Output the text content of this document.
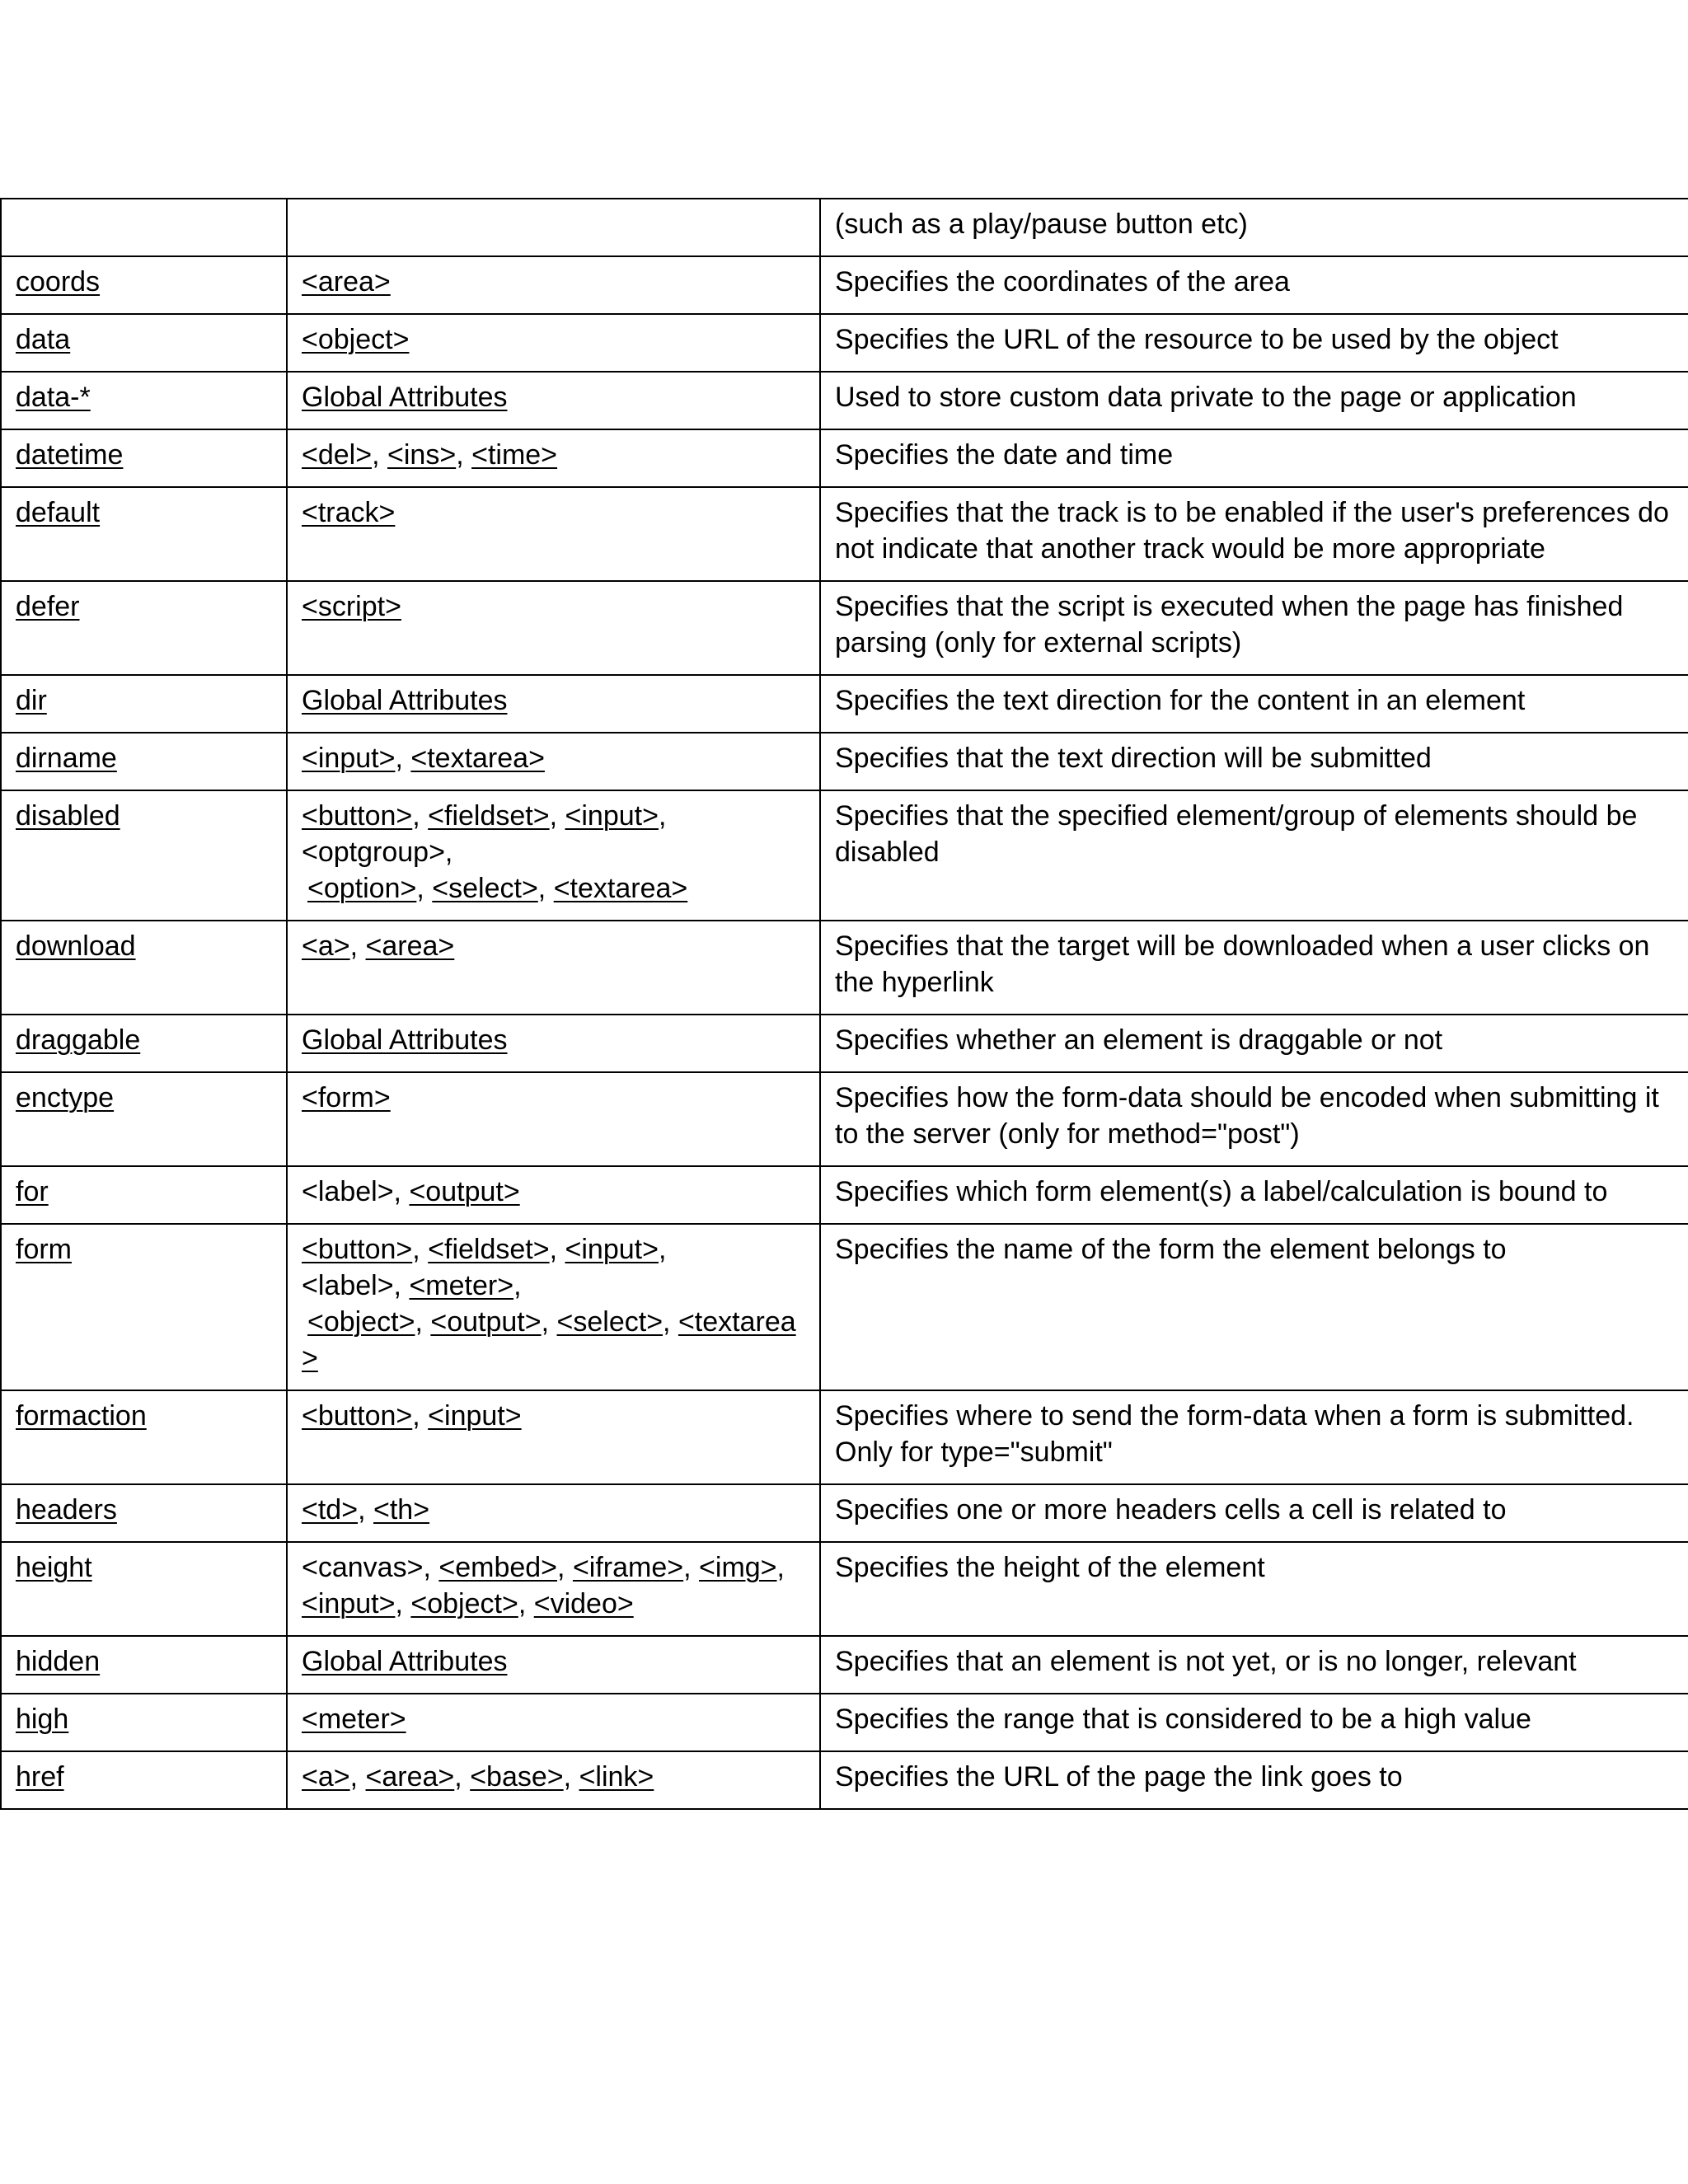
		(such as a play/pause button etc)
coords	<area>	Specifies the coordinates of the area
data	<object>	Specifies the URL of the resource to be used by the object
data-*	Global Attributes	Used to store custom data private to the page or application
datetime	<del>, <ins>, <time>	Specifies the date and time
default	<track>	Specifies that the track is to be enabled if the user's preferences do not indicate that another track would be more appropriate
defer	<script>	Specifies that the script is executed when the page has finished parsing (only for external scripts)
dir	Global Attributes	Specifies the text direction for the content in an element
dirname	<input>, <textarea>	Specifies that the text direction will be submitted
disabled	<button>, <fieldset>, <input>,
<optgroup>,
<option>, <select>, <textarea>	Specifies that the specified element/group of elements should be disabled
download	<a>, <area>	Specifies that the target will be downloaded when a user clicks on the hyperlink
draggable	Global Attributes	Specifies whether an element is draggable or not
enctype	<form>	Specifies how the form-data should be encoded when submitting it to the server (only for method="post")
for	<label>, <output>	Specifies which form element(s) a label/calculation is bound to
form	<button>, <fieldset>, <input>,
<label>, <meter>,
<object>, <output>, <select>, <textarea
>	Specifies the name of the form the element belongs to
formaction	<button>, <input>	Specifies where to send the form-data when a form is submitted. Only for type="submit"
headers	<td>, <th>	Specifies one or more headers cells a cell is related to
height	<canvas>, <embed>, <iframe>, <img>,
<input>, <object>, <video>	Specifies the height of the element
hidden	Global Attributes	Specifies that an element is not yet, or is no longer, relevant
high	<meter>	Specifies the range that is considered to be a high value
href	<a>, <area>, <base>, <link>	Specifies the URL of the page the link goes to
